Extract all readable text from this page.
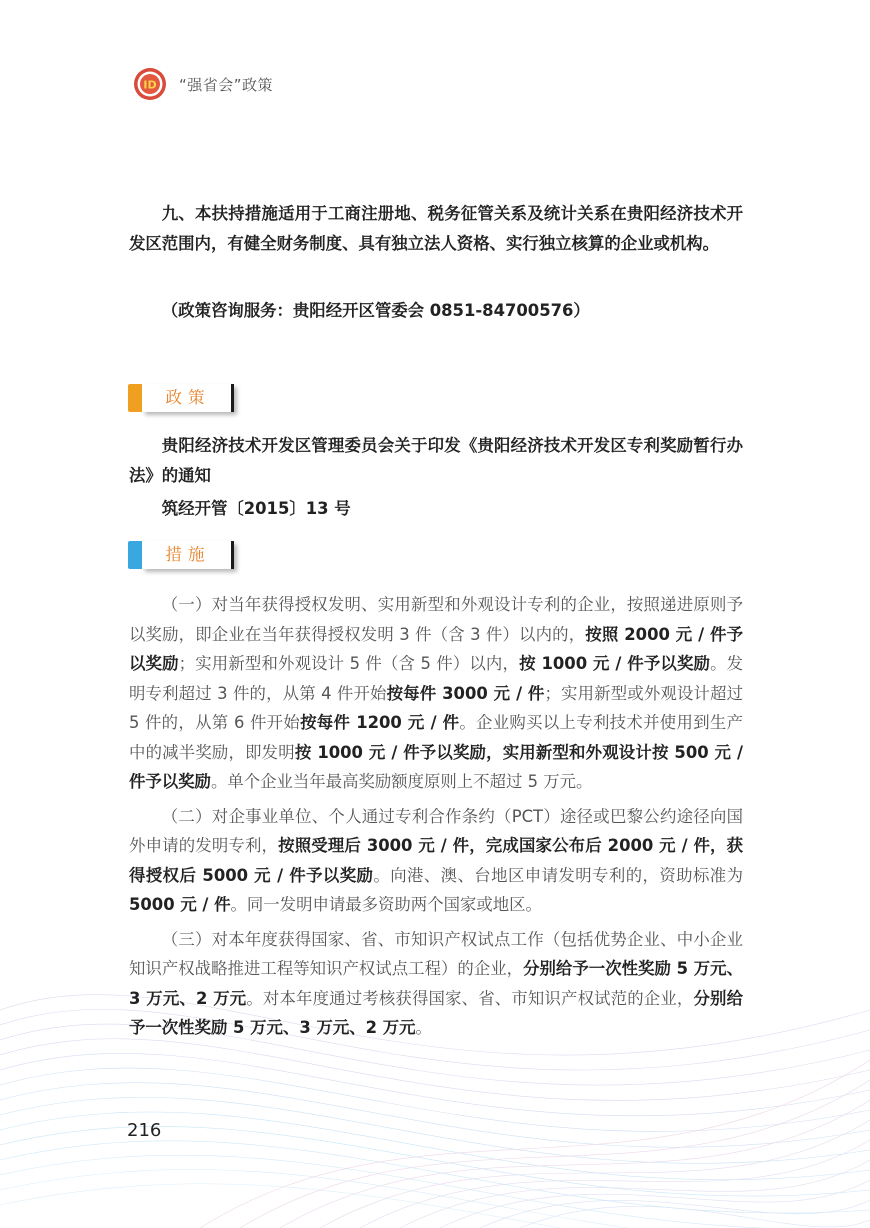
ID “强省会”政策

九、本扶持措施适用于工商注册地、税务征管关系及统计关系在贵阳经济技术开发区范围内，有健全财务制度、具有独立法人资格、实行独立核算的企业或机构。

（政策咨询服务：贵阳经开区管委会 0851-84700576）

政策

贵阳经济技术开发区管理委员会关于印发《贵阳经济技术开发区专利奖励暂行办法》的通知

筑经开管〔2015〕13 号

措施

（一）对当年获得授权发明、实用新型和外观设计专利的企业，按照递进原则予以奖励，即企业在当年获得授权发明 3 件（含 3 件）以内的，按照 2000 元 / 件予以奖励；实用新型和外观设计 5 件（含 5 件）以内，按 1000 元 / 件予以奖励。发明专利超过 3 件的，从第 4 件开始按每件 3000 元 / 件；实用新型或外观设计超过 5 件的，从第 6 件开始按每件 1200 元 / 件。企业购买以上专利技术并使用到生产中的减半奖励，即发明按 1000 元 / 件予以奖励，实用新型和外观设计按 500 元 / 件予以奖励。单个企业当年最高奖励额度原则上不超过 5 万元。

（二）对企事业单位、个人通过专利合作条约（PCT）途径或巴黎公约途径向国外申请的发明专利，按照受理后 3000 元 / 件，完成国家公布后 2000 元 / 件，获得授权后 5000 元 / 件予以奖励。向港、澳、台地区申请发明专利的，资助标准为 5000 元 / 件。同一发明申请最多资助两个国家或地区。

（三）对本年度获得国家、省、市知识产权试点工作（包括优势企业、中小企业知识产权战略推进工程等知识产权试点工程）的企业，分别给予一次性奖励 5 万元、3 万元、2 万元。对本年度通过考核获得国家、省、市知识产权试范的企业，分别给予一次性奖励 5 万元、3 万元、2 万元。

216
